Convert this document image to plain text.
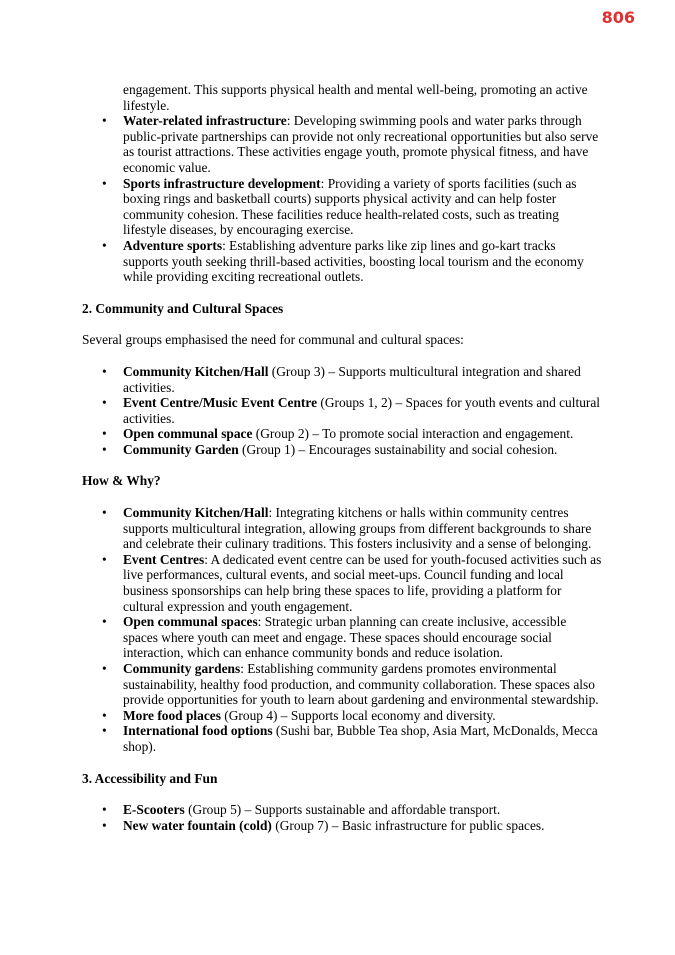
806

engagement. This supports physical health and mental well-being, promoting an active lifestyle.

• Water-related infrastructure: Developing swimming pools and water parks through public-private partnerships can provide not only recreational opportunities but also serve as tourist attractions. These activities engage youth, promote physical fitness, and have economic value.
• Sports infrastructure development: Providing a variety of sports facilities (such as boxing rings and basketball courts) supports physical activity and can help foster community cohesion. These facilities reduce health-related costs, such as treating lifestyle diseases, by encouraging exercise.
• Adventure sports: Establishing adventure parks like zip lines and go-kart tracks supports youth seeking thrill-based activities, boosting local tourism and the economy while providing exciting recreational outlets.

2. Community and Cultural Spaces

Several groups emphasised the need for communal and cultural spaces:

• Community Kitchen/Hall (Group 3) – Supports multicultural integration and shared activities.
• Event Centre/Music Event Centre (Groups 1, 2) – Spaces for youth events and cultural activities.
• Open communal space (Group 2) – To promote social interaction and engagement.
• Community Garden (Group 1) – Encourages sustainability and social cohesion.

How & Why?

• Community Kitchen/Hall: Integrating kitchens or halls within community centres supports multicultural integration, allowing groups from different backgrounds to share and celebrate their culinary traditions. This fosters inclusivity and a sense of belonging.
• Event Centres: A dedicated event centre can be used for youth-focused activities such as live performances, cultural events, and social meet-ups. Council funding and local business sponsorships can help bring these spaces to life, providing a platform for cultural expression and youth engagement.
• Open communal spaces: Strategic urban planning can create inclusive, accessible spaces where youth can meet and engage. These spaces should encourage social interaction, which can enhance community bonds and reduce isolation.
• Community gardens: Establishing community gardens promotes environmental sustainability, healthy food production, and community collaboration. These spaces also provide opportunities for youth to learn about gardening and environmental stewardship.
• More food places (Group 4) – Supports local economy and diversity.
• International food options (Sushi bar, Bubble Tea shop, Asia Mart, McDonalds, Mecca shop).

3. Accessibility and Fun

• E-Scooters (Group 5) – Supports sustainable and affordable transport.
• New water fountain (cold) (Group 7) – Basic infrastructure for public spaces.
